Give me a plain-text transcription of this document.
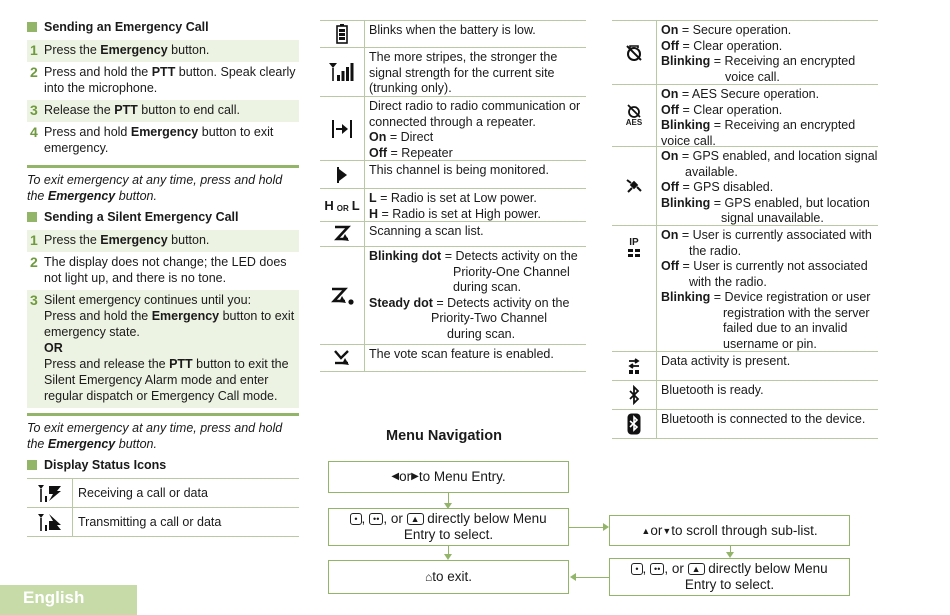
Sending an Emergency Call
1 Press the Emergency button.
2 Press and hold the PTT button. Speak clearly into the microphone.
3 Release the PTT button to end call.
4 Press and hold Emergency button to exit emergency.
To exit emergency at any time, press and hold the Emergency button.
Sending a Silent Emergency Call
1 Press the Emergency button.
2 The display does not change; the LED does not light up, and there is no tone.
3 Silent emergency continues until you:
Press and hold the Emergency button to exit emergency state.
OR
Press and release the PTT button to exit the Silent Emergency Alarm mode and enter regular dispatch or Emergency Call mode.
To exit emergency at any time, press and hold the Emergency button.
Display Status Icons
Receiving a call or data
Transmitting a call or data
Blinks when the battery is low.
The more stripes, the stronger the signal strength for the current site (trunking only).
Direct radio to radio communication or connected through a repeater.
On = Direct
Off = Repeater
This channel is being monitored.
H OR L L = Radio is set at Low power.
H = Radio is set at High power.
Scanning a scan list.
Blinking dot = Detects activity on the
Priority-One Channel
during scan.
Steady dot = Detects activity on the
Priority-Two Channel
during scan.
The vote scan feature is enabled.
On = Secure operation.
Off = Clear operation.
Blinking = Receiving an encrypted
voice call.
AES
On = AES Secure operation.
Off = Clear operation.
Blinking = Receiving an encrypted voice call.
On = GPS enabled, and location signal
available.
Off = GPS disabled.
Blinking = GPS enabled, but location
signal unavailable.
IP
On = User is currently associated with
the radio.
Off = User is currently not associated
with the radio.
Blinking = Device registration or user
registration with the server
failed due to an invalid
username or pin.
Data activity is present.
Bluetooth is ready.
Bluetooth is connected to the device.
Menu Navigation
◀ or ▶ to Menu Entry.
• , •• , or ▲ directly below Menu Entry to select.
⌂ to exit.
▲ or ▼ to scroll through sub-list.
• , •• , or ▲ directly below Menu Entry to select.
English
